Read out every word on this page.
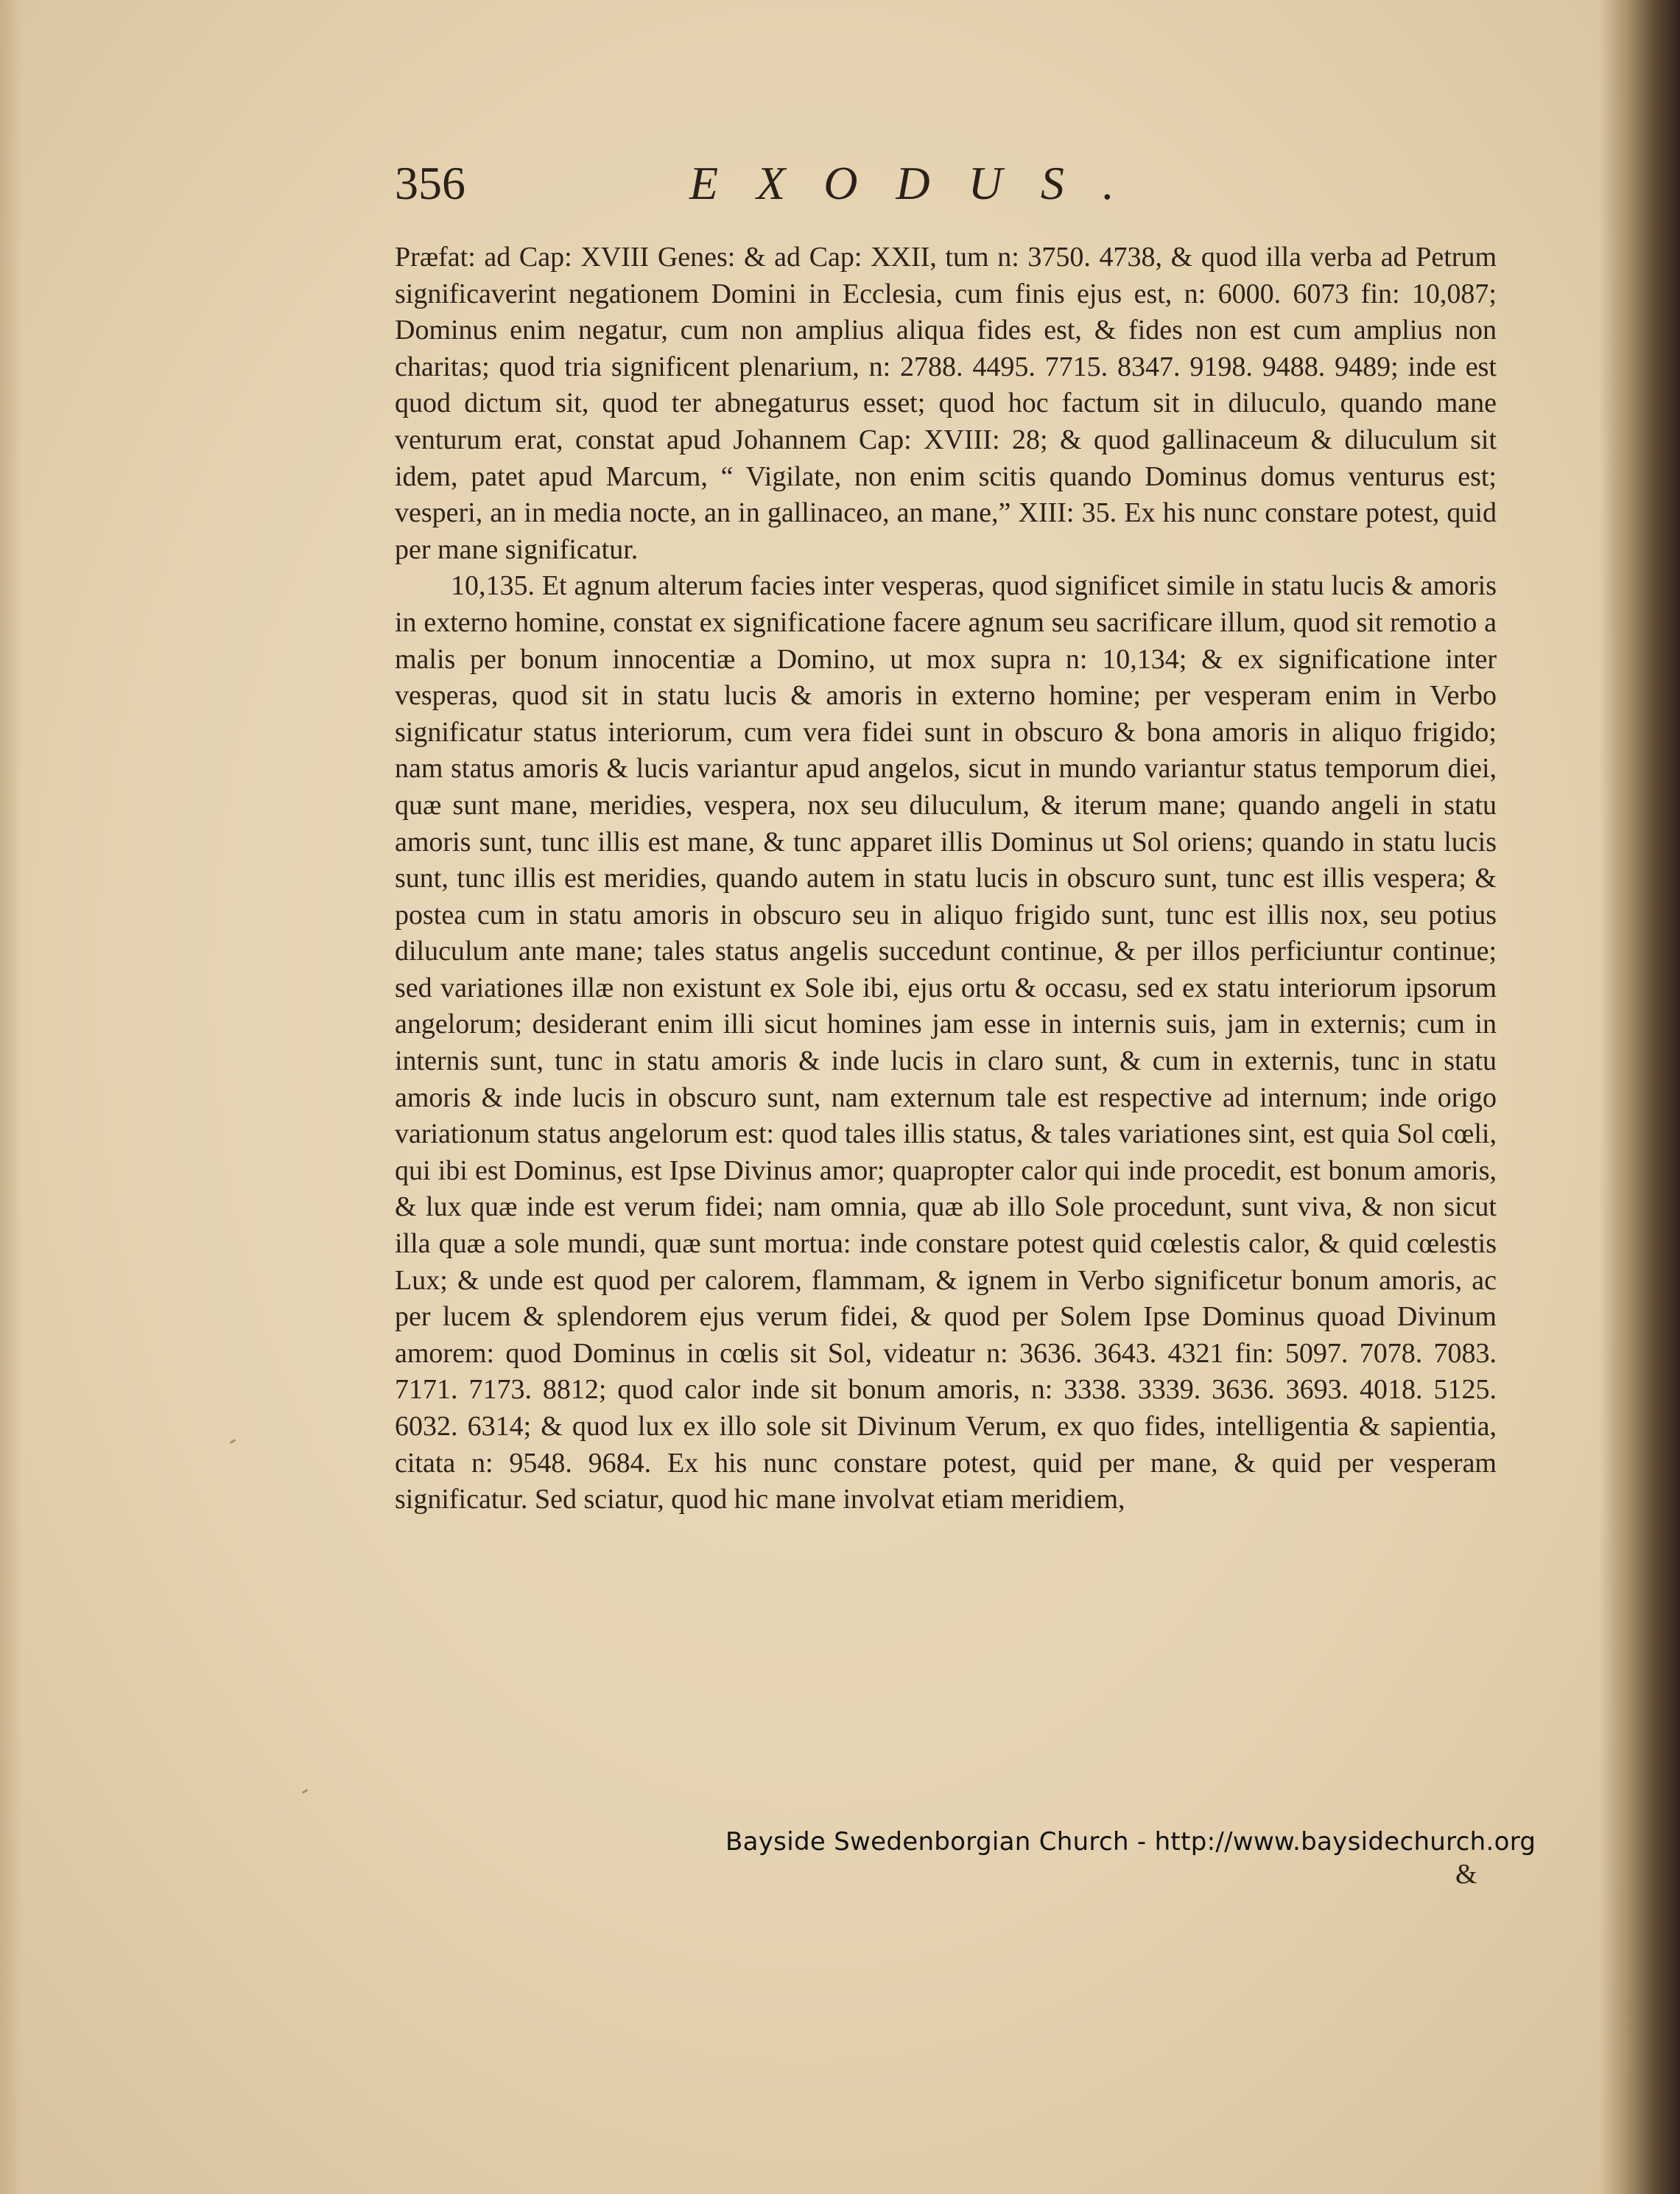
356	EXODUS.

Præfat: ad Cap: XVIII Genes: & ad Cap: XXII, tum n: 3750. 4738, & quod illa verba ad Petrum significaverint negationem Domini in Ecclesia, cum finis ejus est, n: 6000. 6073 fin: 10,087; Dominus enim negatur, cum non amplius aliqua fides est, & fides non est cum amplius non charitas; quod tria significent plenarium, n: 2788. 4495. 7715. 8347. 9198. 9488. 9489; inde est quod dictum sit, quod ter abnegaturus esset; quod hoc factum sit in diluculo, quando mane venturum erat, constat apud Johannem Cap: XVIII: 28; & quod gallinaceum & diluculum sit idem, patet apud Marcum, “ Vigilate, non enim scitis quando Dominus domus venturus est; vesperi, an in media nocte, an in gallinaceo, an mane,” XIII: 35. Ex his nunc constare potest, quid per mane significatur.

10,135. Et agnum alterum facies inter vesperas, quod significet simile in statu lucis & amoris in externo homine, constat ex significatione facere agnum seu sacrificare illum, quod sit remotio a malis per bonum innocentiæ a Domino, ut mox supra n: 10,134; & ex significatione inter vesperas, quod sit in statu lucis & amoris in externo homine; per vesperam enim in Verbo significatur status interiorum, cum vera fidei sunt in obscuro & bona amoris in aliquo frigido; nam status amoris & lucis variantur apud angelos, sicut in mundo variantur status temporum diei, quæ sunt mane, meridies, vespera, nox seu diluculum, & iterum mane; quando angeli in statu amoris sunt, tunc illis est mane, & tunc apparet illis Dominus ut Sol oriens; quando in statu lucis sunt, tunc illis est meridies, quando autem in statu lucis in obscuro sunt, tunc est illis vespera; & postea cum in statu amoris in obscuro seu in aliquo frigido sunt, tunc est illis nox, seu potius diluculum ante mane; tales status angelis succedunt continue, & per illos perficiuntur continue; sed variationes illæ non existunt ex Sole ibi, ejus ortu & occasu, sed ex statu interiorum ipsorum angelorum; desiderant enim illi sicut homines jam esse in internis suis, jam in externis; cum in internis sunt, tunc in statu amoris & inde lucis in claro sunt, & cum in externis, tunc in statu amoris & inde lucis in obscuro sunt, nam externum tale est respective ad internum; inde origo variationum status angelorum est: quod tales illis status, & tales variationes sint, est quia Sol cœli, qui ibi est Dominus, est Ipse Divinus amor; quapropter calor qui inde procedit, est bonum amoris, & lux quæ inde est verum fidei; nam omnia, quæ ab illo Sole procedunt, sunt viva, & non sicut illa quæ a sole mundi, quæ sunt mortua: inde constare potest quid cœlestis calor, & quid cœlestis Lux; & unde est quod per calorem, flammam, & ignem in Verbo significetur bonum amoris, ac per lucem & splendorem ejus verum fidei, & quod per Solem Ipse Dominus quoad Divinum amorem: quod Dominus in cœlis sit Sol, videatur n: 3636. 3643. 4321 fin: 5097. 7078. 7083. 7171. 7173. 8812; quod calor inde sit bonum amoris, n: 3338. 3339. 3636. 3693. 4018. 5125. 6032. 6314; & quod lux ex illo sole sit Divinum Verum, ex quo fides, intelligentia & sapientia, citata n: 9548. 9684. Ex his nunc constare potest, quid per mane, & quid per vesperam significatur. Sed sciatur, quod hic mane involvat etiam meridiem,

&
Bayside Swedenborgian Church - http://www.baysidechurch.org
